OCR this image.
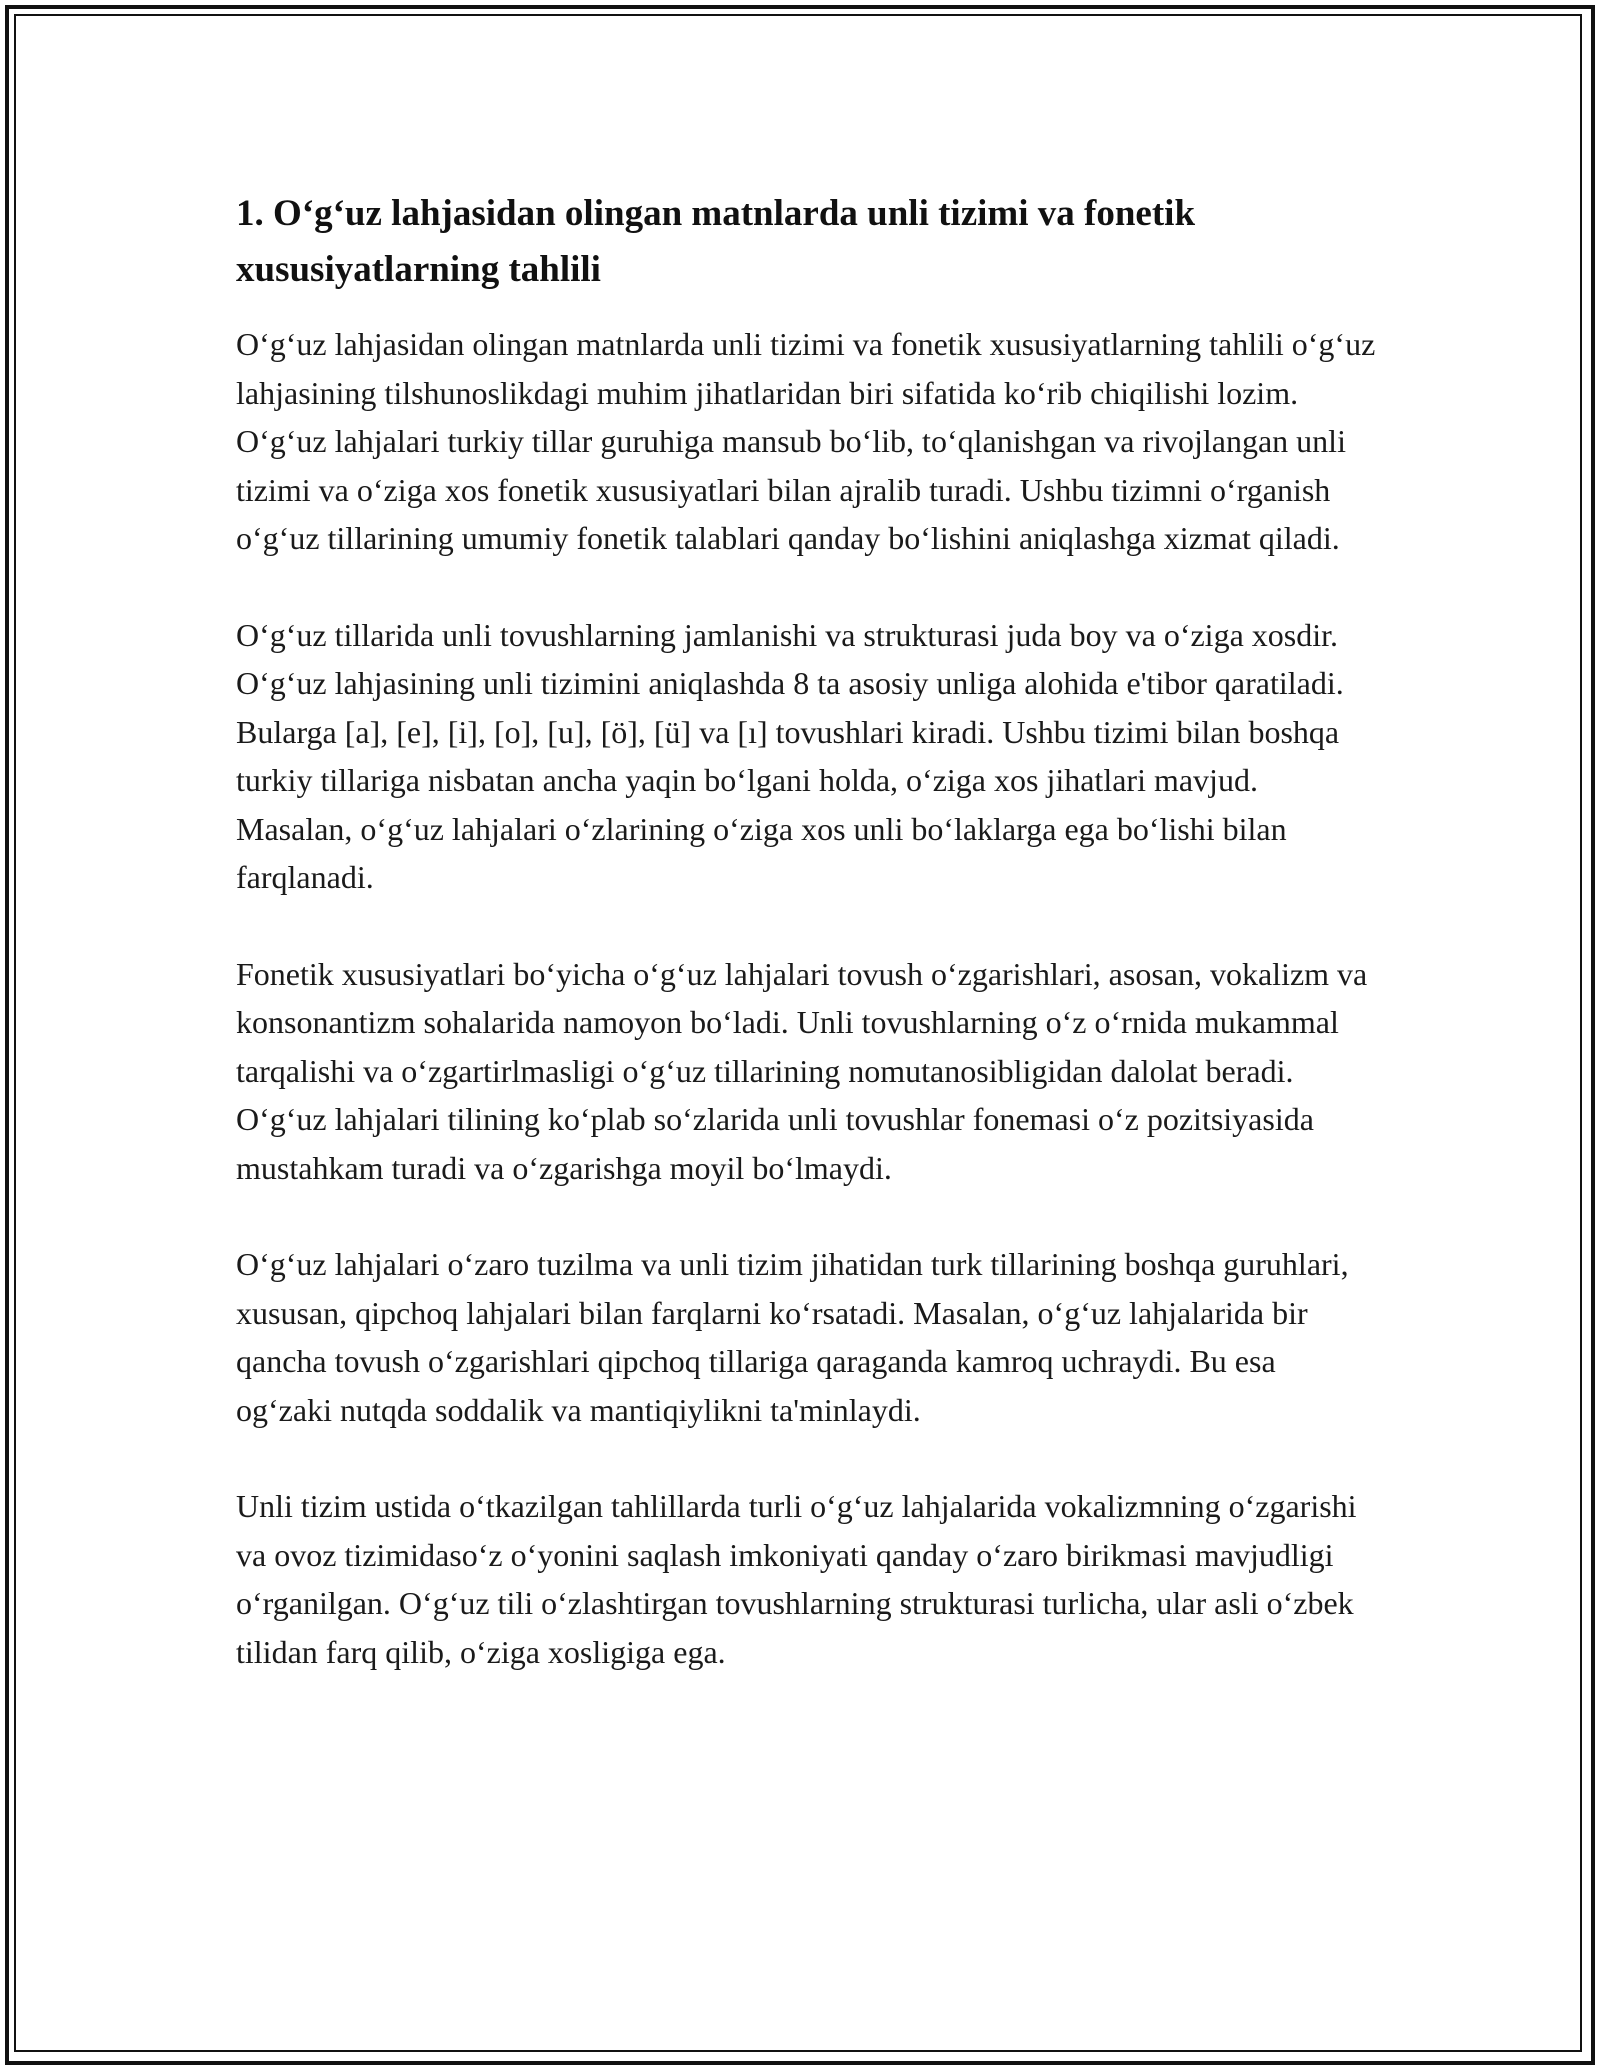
1. O‘g‘uz lahjasidan olingan matnlarda unli tizimi va fonetik xususiyatlarning tahlili

O‘g‘uz lahjasidan olingan matnlarda unli tizimi va fonetik xususiyatlarning tahlili o‘g‘uz lahjasining tilshunoslikdagi muhim jihatlaridan biri sifatida ko‘rib chiqilishi lozim. O‘g‘uz lahjalari turkiy tillar guruhiga mansub bo‘lib, to‘qlanishgan va rivojlangan unli tizimi va o‘ziga xos fonetik xususiyatlari bilan ajralib turadi. Ushbu tizimni o‘rganish o‘g‘uz tillarining umumiy fonetik talablari qanday bo‘lishini aniqlashga xizmat qiladi.

O‘g‘uz tillarida unli tovushlarning jamlanishi va strukturasi juda boy va o‘ziga xosdir. O‘g‘uz lahjasining unli tizimini aniqlashda 8 ta asosiy unliga alohida e'tibor qaratiladi. Bularga [a], [e], [i], [o], [u], [ö], [ü] va [ı] tovushlari kiradi. Ushbu tizimi bilan boshqa turkiy tillariga nisbatan ancha yaqin bo‘lgani holda, o‘ziga xos jihatlari mavjud. Masalan, o‘g‘uz lahjalari o‘zlarining o‘ziga xos unli bo‘laklarga ega bo‘lishi bilan farqlanadi.

Fonetik xususiyatlari bo‘yicha o‘g‘uz lahjalari tovush o‘zgarishlari, asosan, vokalizm va konsonantizm sohalarida namoyon bo‘ladi. Unli tovushlarning o‘z o‘rnida mukammal tarqalishi va o‘zgartirlmasligi o‘g‘uz tillarining nomutanosibligidan dalolat beradi. O‘g‘uz lahjalari tilining ko‘plab so‘zlarida unli tovushlar fonemasi o‘z pozitsiyasida mustahkam turadi va o‘zgarishga moyil bo‘lmaydi.

O‘g‘uz lahjalari o‘zaro tuzilma va unli tizim jihatidan turk tillarining boshqa guruhlari, xususan, qipchoq lahjalari bilan farqlarni ko‘rsatadi. Masalan, o‘g‘uz lahjalarida bir qancha tovush o‘zgarishlari qipchoq tillariga qaraganda kamroq uchraydi. Bu esa og‘zaki nutqda soddalik va mantiqiylikni ta'minlaydi.

Unli tizim ustida o‘tkazilgan tahlillarda turli o‘g‘uz lahjalarida vokalizmning o‘zgarishi va ovoz tizimidaso‘z o‘yonini saqlash imkoniyati qanday o‘zaro birikmasi mavjudligi o‘rganilgan. O‘g‘uz tili o‘zlashtirgan tovushlarning strukturasi turlicha, ular asli o‘zbek tilidan farq qilib, o‘ziga xosligiga ega.
